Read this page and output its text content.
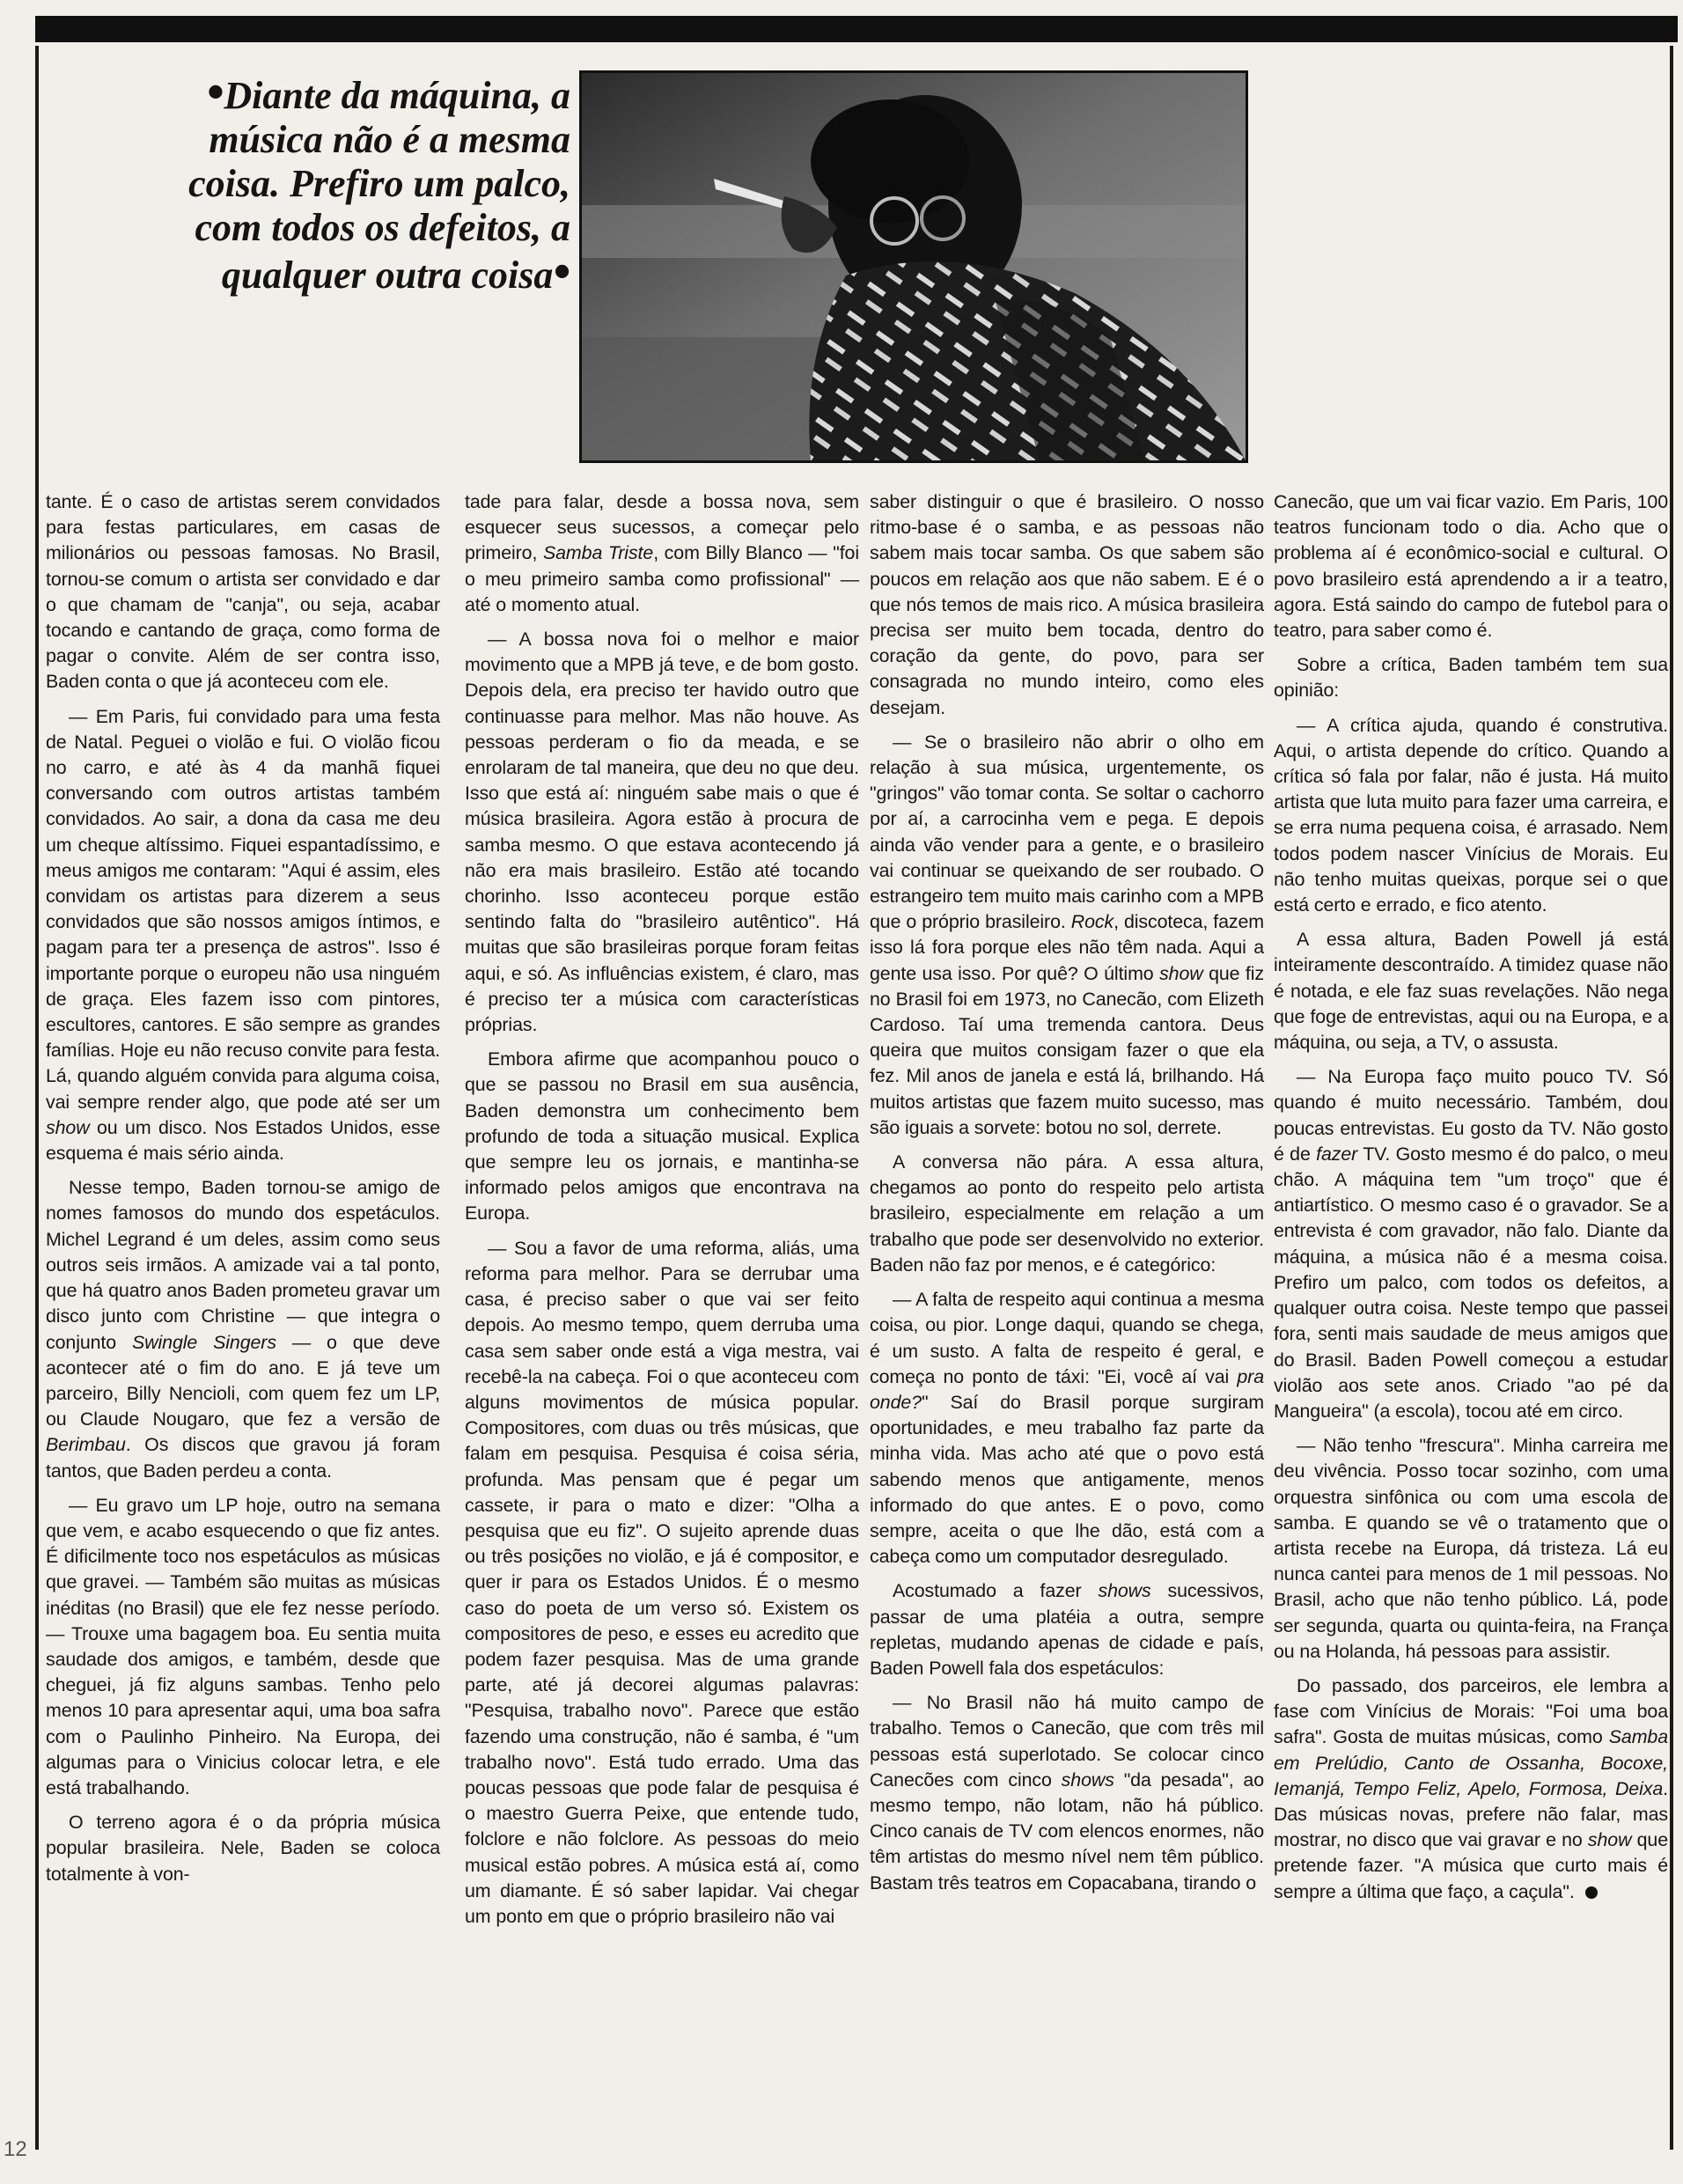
•Diante da máquina, a
música não é a mesma
coisa. Prefiro um palco,
com todos os defeitos, a
qualquer outra coisa•

tante. É o caso de artistas serem convidados para festas particulares, em casas de milionários ou pessoas famosas. No Brasil, tornou-se comum o artista ser convidado e dar o que chamam de "canja", ou seja, acabar tocando e cantando de graça, como forma de pagar o convite. Além de ser contra isso, Baden conta o que já aconteceu com ele.

— Em Paris, fui convidado para uma festa de Natal. Peguei o violão e fui. O violão ficou no carro, e até às 4 da manhã fiquei conversando com outros artistas também convidados. Ao sair, a dona da casa me deu um cheque altíssimo. Fiquei espantadíssimo, e meus amigos me contaram: "Aqui é assim, eles convidam os artistas para dizerem a seus convidados que são nossos amigos íntimos, e pagam para ter a presença de astros". Isso é importante porque o europeu não usa ninguém de graça. Eles fazem isso com pintores, escultores, cantores. E são sempre as grandes famílias. Hoje eu não recuso convite para festa. Lá, quando alguém convida para alguma coisa, vai sempre render algo, que pode até ser um show ou um disco. Nos Estados Unidos, esse esquema é mais sério ainda.

Nesse tempo, Baden tornou-se amigo de nomes famosos do mundo dos espetáculos. Michel Legrand é um deles, assim como seus outros seis irmãos. A amizade vai a tal ponto, que há quatro anos Baden prometeu gravar um disco junto com Christine — que integra o conjunto Swingle Singers — o que deve acontecer até o fim do ano. E já teve um parceiro, Billy Nencioli, com quem fez um LP, ou Claude Nougaro, que fez a versão de Berimbau. Os discos que gravou já foram tantos, que Baden perdeu a conta.

— Eu gravo um LP hoje, outro na semana que vem, e acabo esquecendo o que fiz antes. É dificilmente toco nos espetáculos as músicas que gravei. — Também são muitas as músicas inéditas (no Brasil) que ele fez nesse período. — Trouxe uma bagagem boa. Eu sentia muita saudade dos amigos, e também, desde que cheguei, já fiz alguns sambas. Tenho pelo menos 10 para apresentar aqui, uma boa safra com o Paulinho Pinheiro. Na Europa, dei algumas para o Vinicius colocar letra, e ele está trabalhando.

O terreno agora é o da própria música popular brasileira. Nele, Baden se coloca totalmente à von-

tade para falar, desde a bossa nova, sem esquecer seus sucessos, a começar pelo primeiro, Samba Triste, com Billy Blanco — "foi o meu primeiro samba como profissional" — até o momento atual.

— A bossa nova foi o melhor e maior movimento que a MPB já teve, e de bom gosto. Depois dela, era preciso ter havido outro que continuasse para melhor. Mas não houve. As pessoas perderam o fio da meada, e se enrolaram de tal maneira, que deu no que deu. Isso que está aí: ninguém sabe mais o que é música brasileira. Agora estão à procura de samba mesmo. O que estava acontecendo já não era mais brasileiro. Estão até tocando chorinho. Isso aconteceu porque estão sentindo falta do "brasileiro autêntico". Há muitas que são brasileiras porque foram feitas aqui, e só. As influências existem, é claro, mas é preciso ter a música com características próprias.

Embora afirme que acompanhou pouco o que se passou no Brasil em sua ausência, Baden demonstra um conhecimento bem profundo de toda a situação musical. Explica que sempre leu os jornais, e mantinha-se informado pelos amigos que encontrava na Europa.

— Sou a favor de uma reforma, aliás, uma reforma para melhor. Para se derrubar uma casa, é preciso saber o que vai ser feito depois. Ao mesmo tempo, quem derruba uma casa sem saber onde está a viga mestra, vai recebê-la na cabeça. Foi o que aconteceu com alguns movimentos de música popular. Compositores, com duas ou três músicas, que falam em pesquisa. Pesquisa é coisa séria, profunda. Mas pensam que é pegar um cassete, ir para o mato e dizer: "Olha a pesquisa que eu fiz". O sujeito aprende duas ou três posições no violão, e já é compositor, e quer ir para os Estados Unidos. É o mesmo caso do poeta de um verso só. Existem os compositores de peso, e esses eu acredito que podem fazer pesquisa. Mas de uma grande parte, até já decorei algumas palavras: "Pesquisa, trabalho novo". Parece que estão fazendo uma construção, não é samba, é "um trabalho novo". Está tudo errado. Uma das poucas pessoas que pode falar de pesquisa é o maestro Guerra Peixe, que entende tudo, folclore e não folclore. As pessoas do meio musical estão pobres. A música está aí, como um diamante. É só saber lapidar. Vai chegar um ponto em que o próprio brasileiro não vai

saber distinguir o que é brasileiro. O nosso ritmo-base é o samba, e as pessoas não sabem mais tocar samba. Os que sabem são poucos em relação aos que não sabem. E é o que nós temos de mais rico. A música brasileira precisa ser muito bem tocada, dentro do coração da gente, do povo, para ser consagrada no mundo inteiro, como eles desejam.

— Se o brasileiro não abrir o olho em relação à sua música, urgentemente, os "gringos" vão tomar conta. Se soltar o cachorro por aí, a carrocinha vem e pega. E depois ainda vão vender para a gente, e o brasileiro vai continuar se queixando de ser roubado. O estrangeiro tem muito mais carinho com a MPB que o próprio brasileiro. Rock, discoteca, fazem isso lá fora porque eles não têm nada. Aqui a gente usa isso. Por quê? O último show que fiz no Brasil foi em 1973, no Canecão, com Elizeth Cardoso. Taí uma tremenda cantora. Deus queira que muitos consigam fazer o que ela fez. Mil anos de janela e está lá, brilhando. Há muitos artistas que fazem muito sucesso, mas são iguais a sorvete: botou no sol, derrete.

A conversa não pára. A essa altura, chegamos ao ponto do respeito pelo artista brasileiro, especialmente em relação a um trabalho que pode ser desenvolvido no exterior. Baden não faz por menos, e é categórico:

— A falta de respeito aqui continua a mesma coisa, ou pior. Longe daqui, quando se chega, é um susto. A falta de respeito é geral, e começa no ponto de táxi: "Ei, você aí vai pra onde?" Saí do Brasil porque surgiram oportunidades, e meu trabalho faz parte da minha vida. Mas acho até que o povo está sabendo menos que antigamente, menos informado do que antes. E o povo, como sempre, aceita o que lhe dão, está com a cabeça como um computador desregulado.

Acostumado a fazer shows sucessivos, passar de uma platéia a outra, sempre repletas, mudando apenas de cidade e país, Baden Powell fala dos espetáculos:

— No Brasil não há muito campo de trabalho. Temos o Canecão, que com três mil pessoas está superlotado. Se colocar cinco Canecões com cinco shows "da pesada", ao mesmo tempo, não lotam, não há público. Cinco canais de TV com elencos enormes, não têm artistas do mesmo nível nem têm público. Bastam três teatros em Copacabana, tirando o

Canecão, que um vai ficar vazio. Em Paris, 100 teatros funcionam todo o dia. Acho que o problema aí é econômico-social e cultural. O povo brasileiro está aprendendo a ir a teatro, agora. Está saindo do campo de futebol para o teatro, para saber como é.

Sobre a crítica, Baden também tem sua opinião:

— A crítica ajuda, quando é construtiva. Aqui, o artista depende do crítico. Quando a crítica só fala por falar, não é justa. Há muito artista que luta muito para fazer uma carreira, e se erra numa pequena coisa, é arrasado. Nem todos podem nascer Vinícius de Morais. Eu não tenho muitas queixas, porque sei o que está certo e errado, e fico atento.

A essa altura, Baden Powell já está inteiramente descontraído. A timidez quase não é notada, e ele faz suas revelações. Não nega que foge de entrevistas, aqui ou na Europa, e a máquina, ou seja, a TV, o assusta.

— Na Europa faço muito pouco TV. Só quando é muito necessário. Também, dou poucas entrevistas. Eu gosto da TV. Não gosto é de fazer TV. Gosto mesmo é do palco, o meu chão. A máquina tem "um troço" que é antiartístico. O mesmo caso é o gravador. Se a entrevista é com gravador, não falo. Diante da máquina, a música não é a mesma coisa. Prefiro um palco, com todos os defeitos, a qualquer outra coisa. Neste tempo que passei fora, senti mais saudade de meus amigos que do Brasil. Baden Powell começou a estudar violão aos sete anos. Criado "ao pé da Mangueira" (a escola), tocou até em circo.

— Não tenho "frescura". Minha carreira me deu vivência. Posso tocar sozinho, com uma orquestra sinfônica ou com uma escola de samba. E quando se vê o tratamento que o artista recebe na Europa, dá tristeza. Lá eu nunca cantei para menos de 1 mil pessoas. No Brasil, acho que não tenho público. Lá, pode ser segunda, quarta ou quinta-feira, na França ou na Holanda, há pessoas para assistir.

Do passado, dos parceiros, ele lembra a fase com Vinícius de Morais: "Foi uma boa safra". Gosta de muitas músicas, como Samba em Prelúdio, Canto de Ossanha, Bocoxe, Iemanjá, Tempo Feliz, Apelo, Formosa, Deixa. Das músicas novas, prefere não falar, mas mostrar, no disco que vai gravar e no show que pretende fazer. "A música que curto mais é sempre a última que faço, a caçula".

12
